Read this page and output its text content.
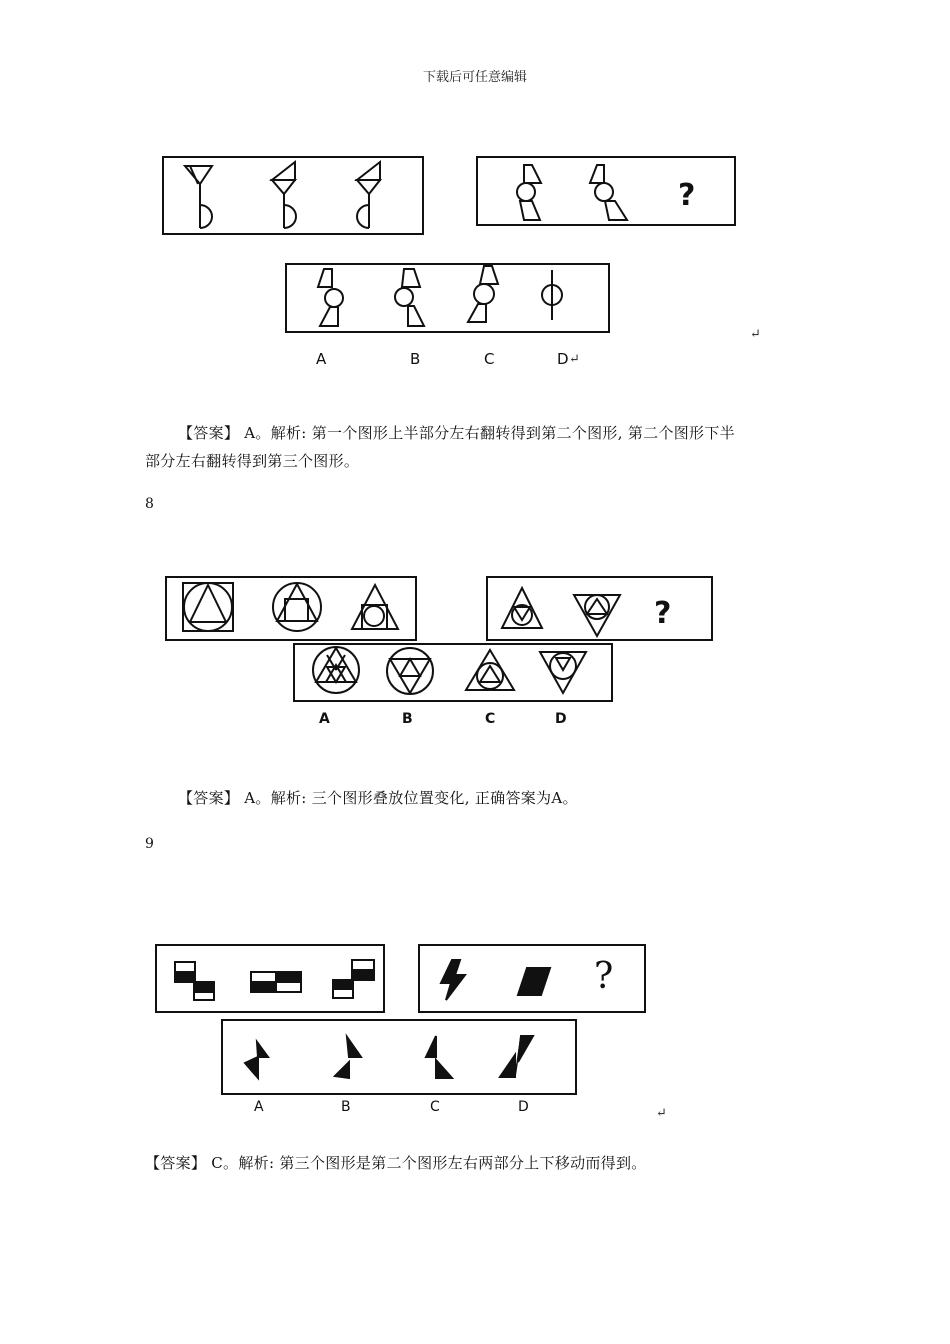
下载后可任意编辑
?
A	B	C	D ↵
↵
【答案】 A。解析: 第一个图形上半部分左右翻转得到第二个图形, 第二个图形下半
部分左右翻转得到第三个图形。
8
?
A	B	C	D
【答案】 A。解析: 三个图形叠放位置变化, 正确答案为A。
9
?
A	B	C	D	↵
【答案】 C。解析: 第三个图形是第二个图形左右两部分上下移动而得到。
